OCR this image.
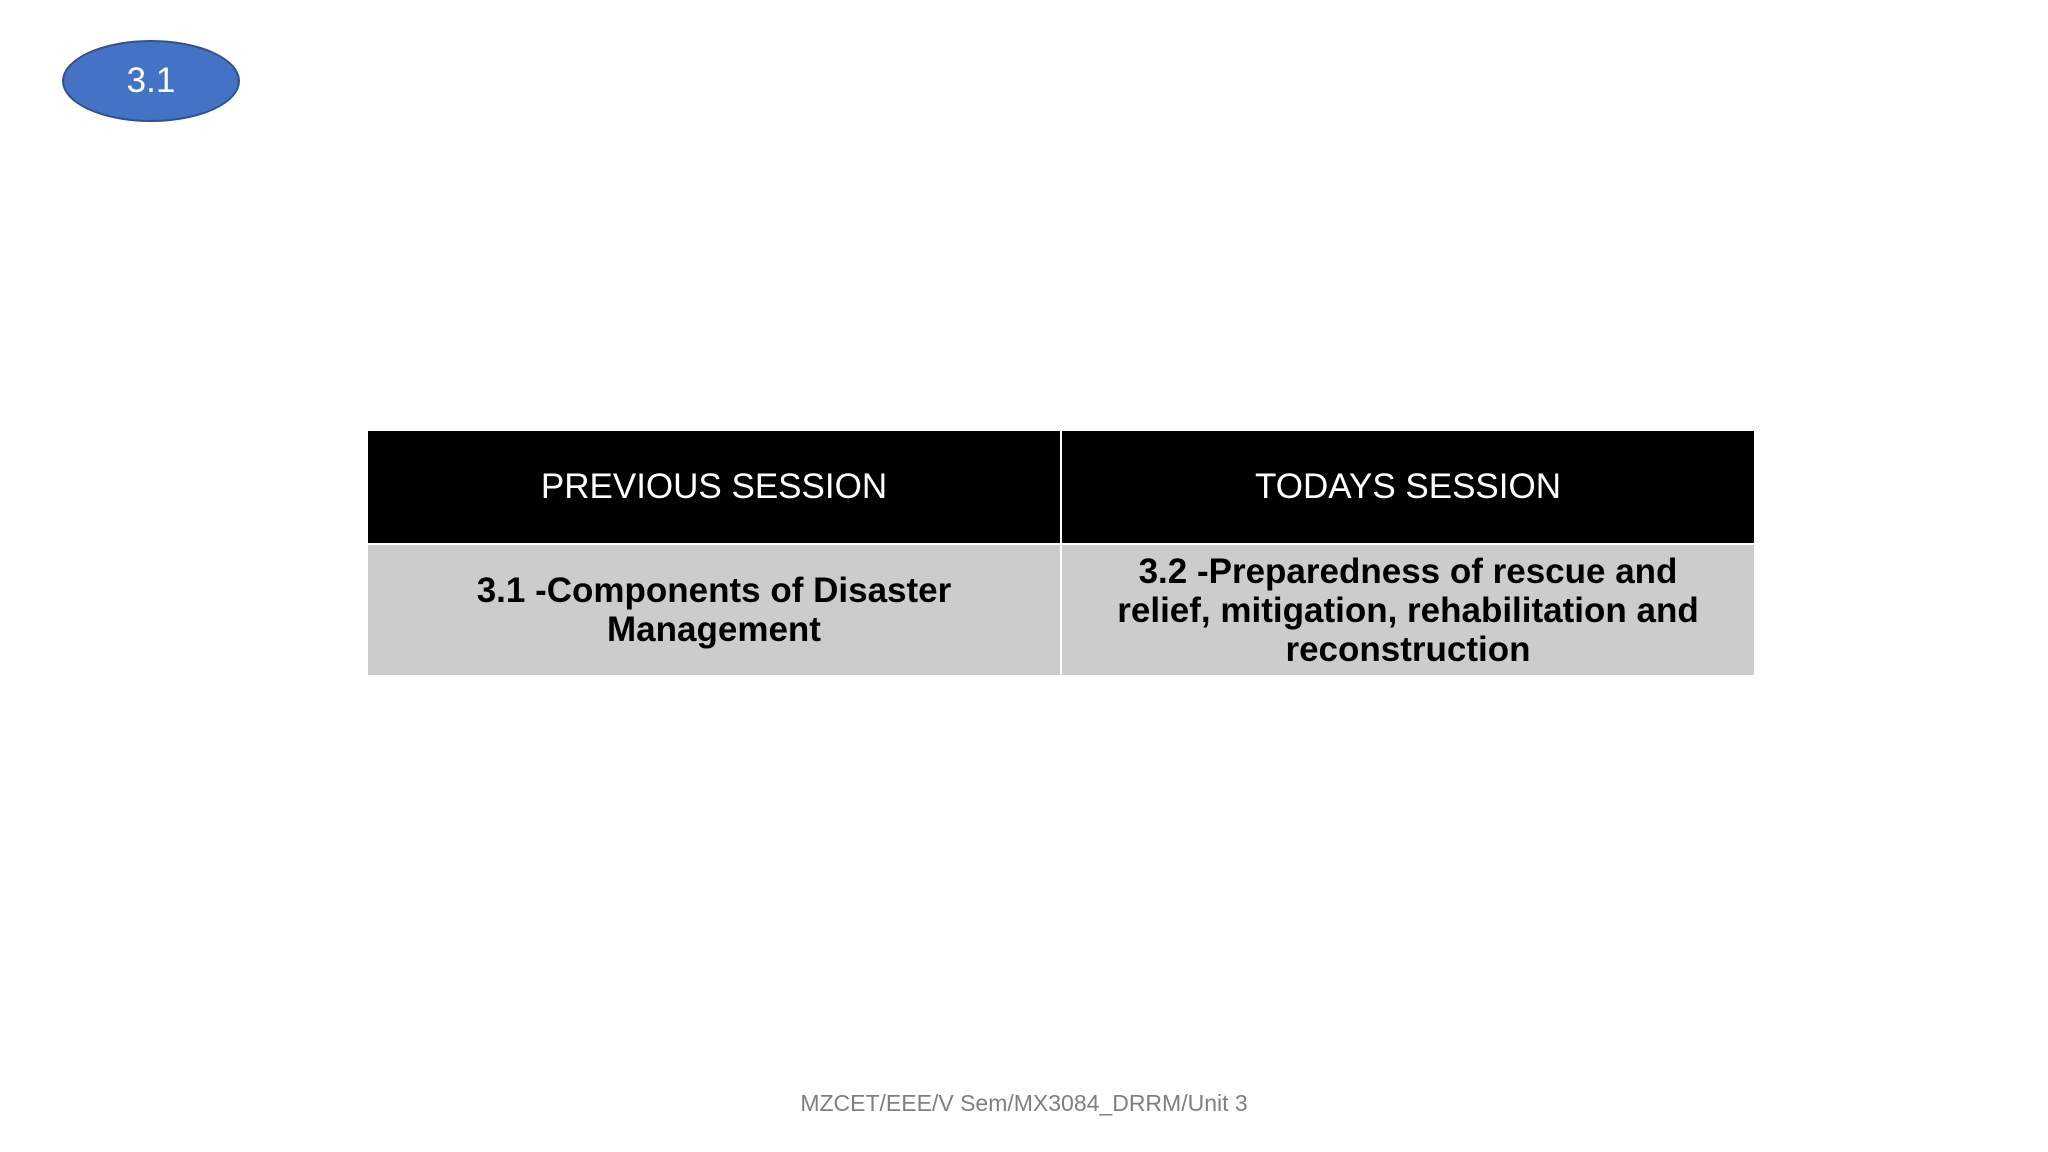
3.1
PREVIOUS SESSION	TODAYS SESSION
3.1 -Components of Disaster Management	3.2 -Preparedness of rescue and relief, mitigation, rehabilitation and reconstruction
MZCET/EEE/V Sem/MX3084_DRRM/Unit 3
